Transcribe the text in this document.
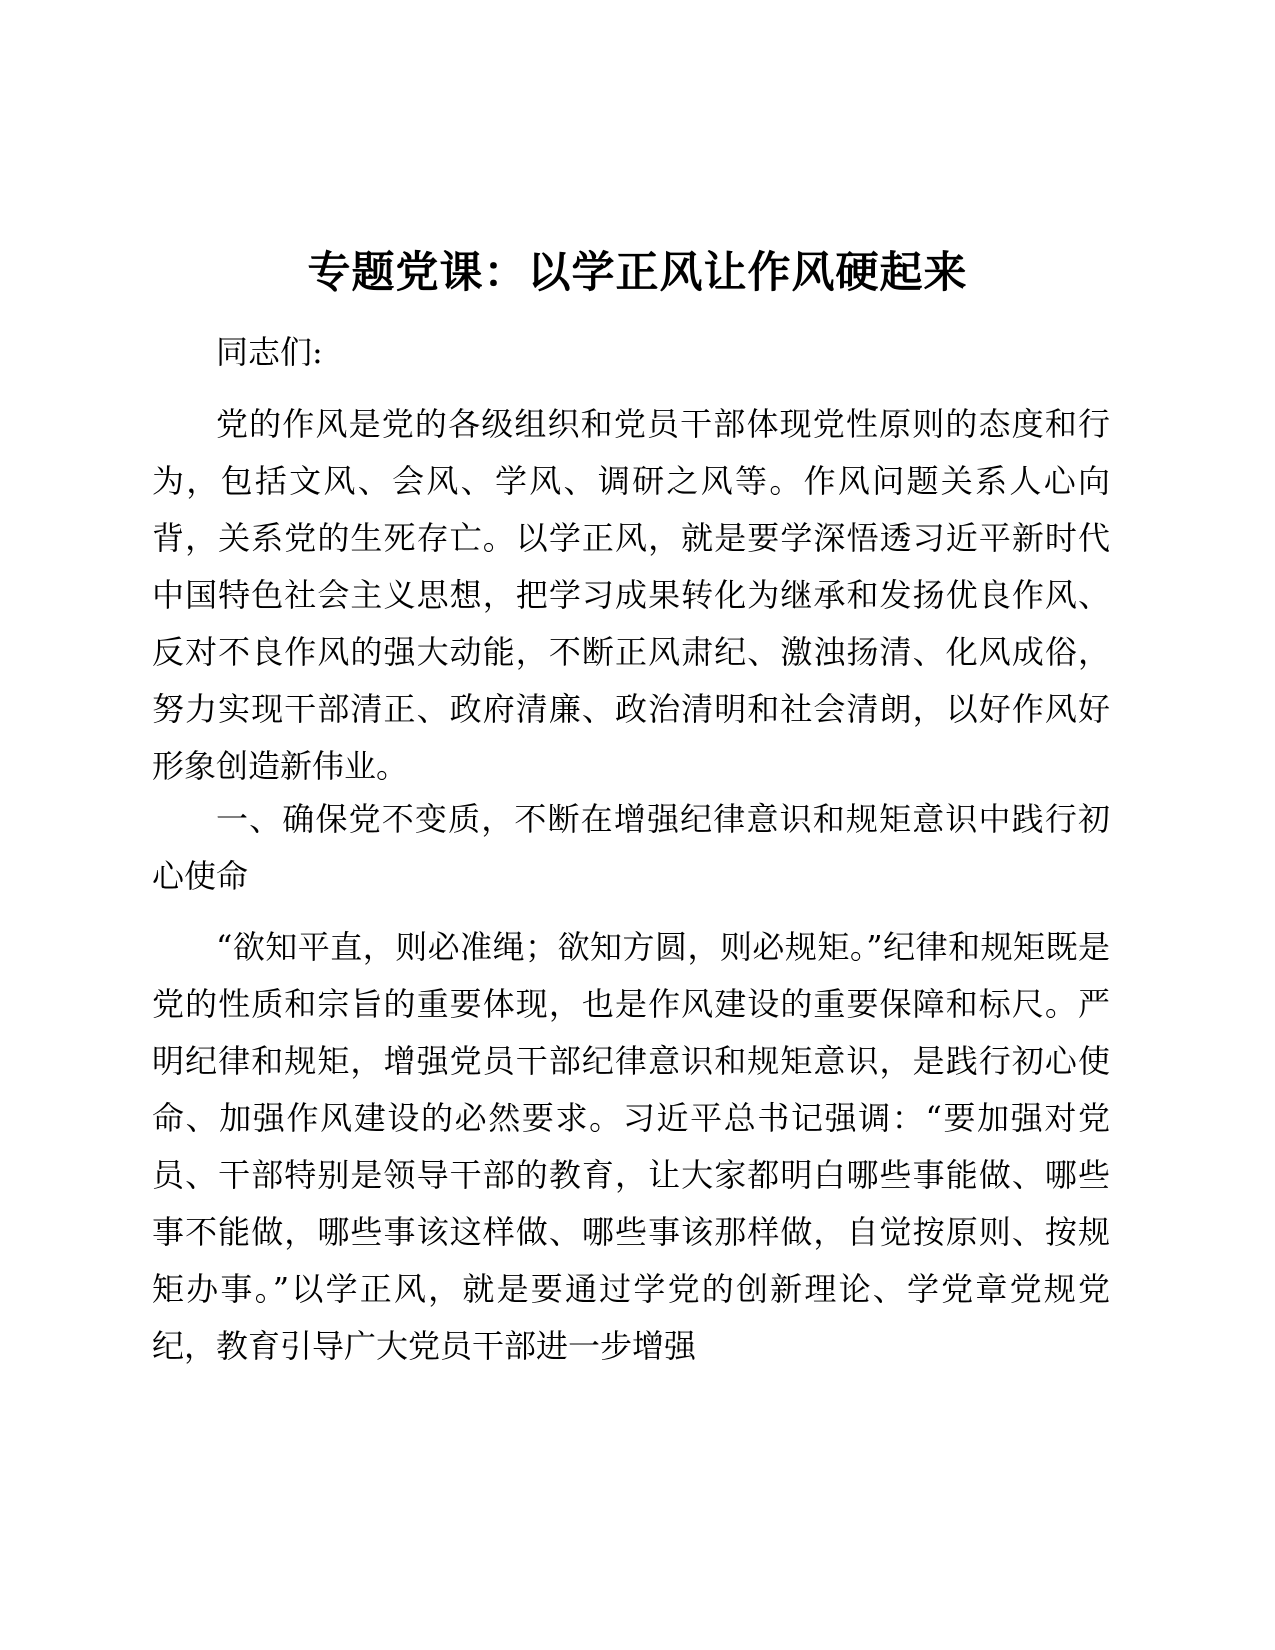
专题党课：以学正风让作风硬起来

同志们:

党的作风是党的各级组织和党员干部体现党性原则的态度和行为，包括文风、会风、学风、调研之风等。作风问题关系人心向背，关系党的生死存亡。以学正风，就是要学深悟透习近平新时代中国特色社会主义思想，把学习成果转化为继承和发扬优良作风、反对不良作风的强大动能，不断正风肃纪、激浊扬清、化风成俗，努力实现干部清正、政府清廉、政治清明和社会清朗，以好作风好形象创造新伟业。

一、确保党不变质，不断在增强纪律意识和规矩意识中践行初心使命

“欲知平直，则必准绳；欲知方圆，则必规矩。”纪律和规矩既是党的性质和宗旨的重要体现，也是作风建设的重要保障和标尺。严明纪律和规矩，增强党员干部纪律意识和规矩意识，是践行初心使命、加强作风建设的必然要求。习近平总书记强调：“要加强对党员、干部特别是领导干部的教育，让大家都明白哪些事能做、哪些事不能做，哪些事该这样做、哪些事该那样做，自觉按原则、按规矩办事。”以学正风，就是要通过学党的创新理论、学党章党规党纪，教育引导广大党员干部进一步增强
